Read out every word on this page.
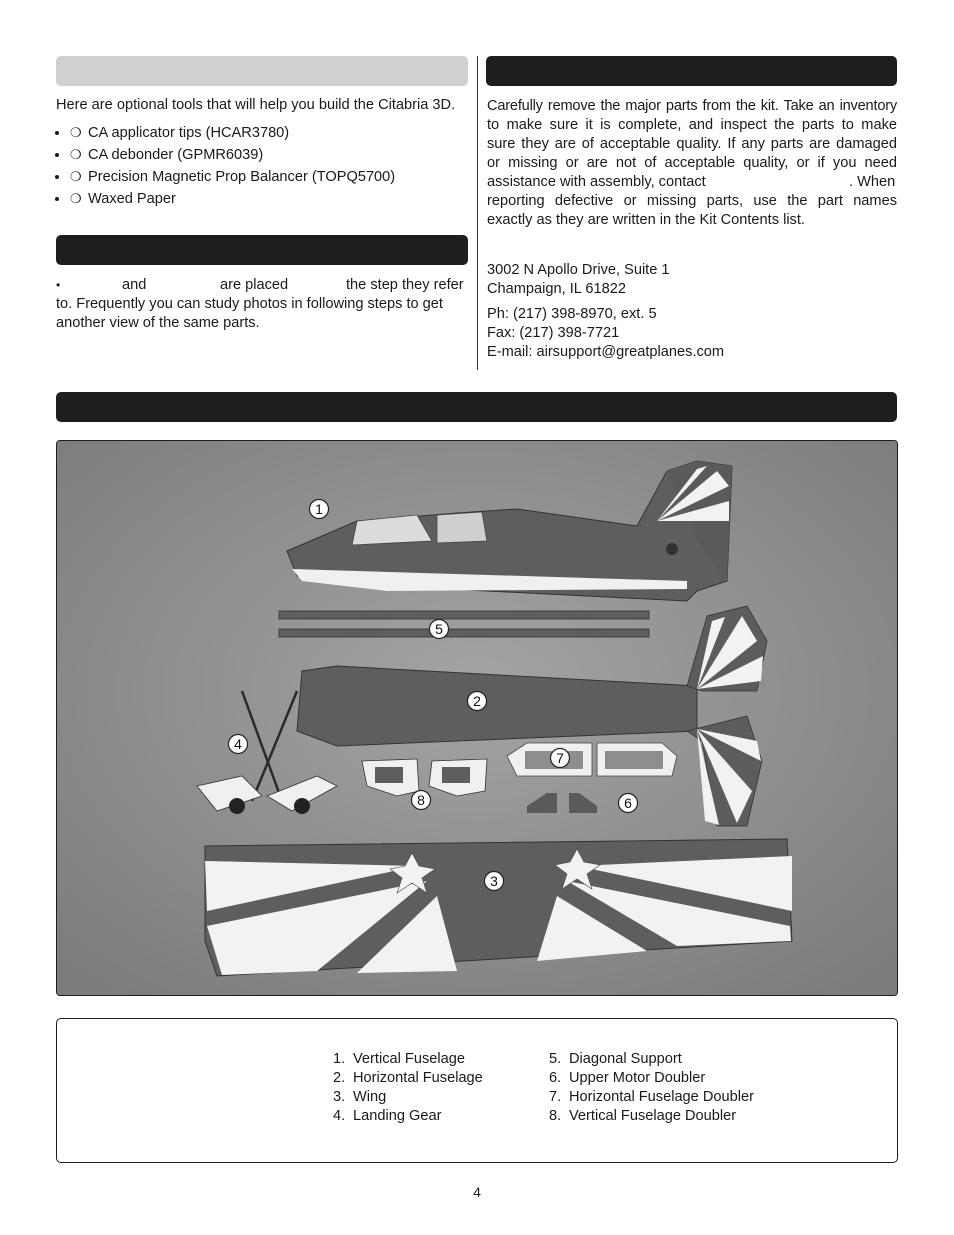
Here are optional tools that will help you build the Citabria 3D.

• ❍ CA applicator tips (HCAR3780)
• ❍ CA debonder (GPMR6039)
• ❍ Precision Magnetic Prop Balancer (TOPQ5700)
• ❍ Waxed Paper
•	and	are placed	the step they refer

to. Frequently you can study photos in following steps to get

another view of the same parts.

Carefully remove the major parts from the kit. Take an inventory

to make sure it is complete, and inspect the parts to make

sure they are of acceptable quality. If any parts are damaged

or missing or are not of acceptable quality, or if you need

assistance with assembly, contact	. When

reporting defective or missing parts, use the part names

exactly as they are written in the Kit Contents list.

3002 N Apollo Drive, Suite 1

Champaign, IL 61822

Ph: (217) 398-8970, ext. 5

Fax: (217) 398-7721

E-mail: airsupport@greatplanes.com

1
2
3
4
5
6
7
8
1. Vertical Fuselage
2. Horizontal Fuselage
3. Wing
4. Landing Gear
5. Diagonal Support
6. Upper Motor Doubler
7. Horizontal Fuselage Doubler
8. Vertical Fuselage Doubler
4
